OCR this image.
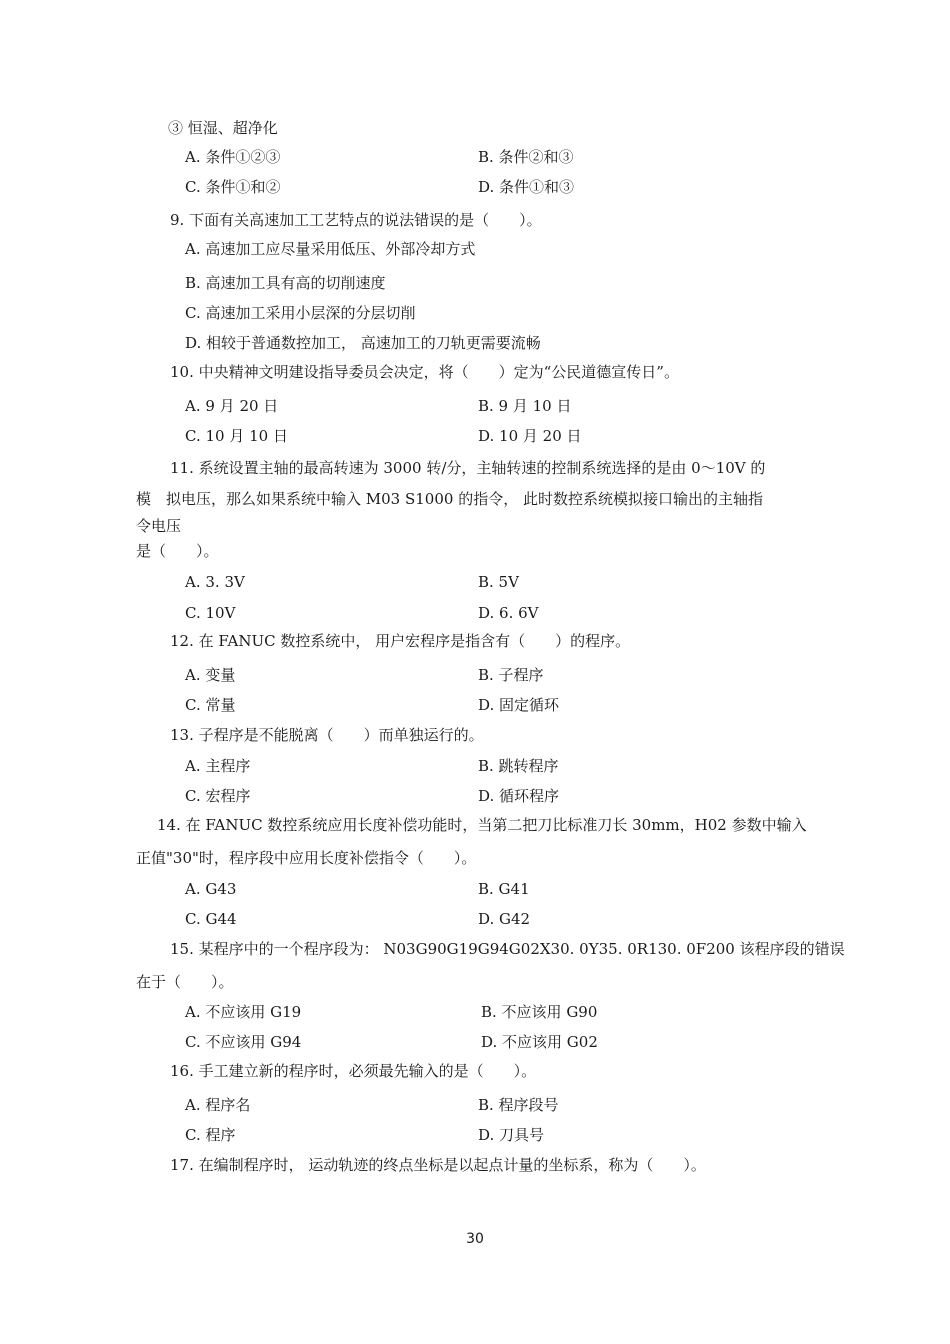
③ 恒湿、超净化
A. 条件①②③	B. 条件②和③
C. 条件①和②	D. 条件①和③
9. 下面有关高速加工工艺特点的说法错误的是（　　）。
A. 高速加工应尽量采用低压、外部冷却方式
B. 高速加工具有高的切削速度
C. 高速加工采用小层深的分层切削
D. 相较于普通数控加工， 高速加工的刀轨更需要流畅
10. 中央精神文明建设指导委员会决定，将（　　）定为“公民道德宣传日”。
A. 9 月 20 日	B. 9 月 10 日
C. 10 月 10 日	D. 10 月 20 日
11. 系统设置主轴的最高转速为 3000 转/分，主轴转速的控制系统选择的是由 0～10V 的
模　拟电压，那么如果系统中输入 M03 S1000 的指令， 此时数控系统模拟接口输出的主轴指
令电压
是（　　）。
A. 3. 3V	B. 5V
C. 10V	D. 6. 6V
12. 在 FANUC 数控系统中， 用户宏程序是指含有（　　）的程序。
A. 变量	B. 子程序
C. 常量	D. 固定循环
13. 子程序是不能脱离（　　）而单独运行的。
A. 主程序	B. 跳转程序
C. 宏程序	D. 循环程序
14. 在 FANUC 数控系统应用长度补偿功能时，当第二把刀比标准刀长 30mm，H02 参数中输入
正值"30"时，程序段中应用长度补偿指令（　　）。
A. G43	B. G41
C. G44	D. G42
15. 某程序中的一个程序段为： N03G90G19G94G02X30. 0Y35. 0R130. 0F200 该程序段的错误
在于（　　）。
A. 不应该用 G19	B. 不应该用 G90
C. 不应该用 G94	D. 不应该用 G02
16. 手工建立新的程序时，必须最先输入的是（　　）。
A. 程序名	B. 程序段号
C. 程序	D. 刀具号
17. 在编制程序时， 运动轨迹的终点坐标是以起点计量的坐标系，称为（　　）。
30
